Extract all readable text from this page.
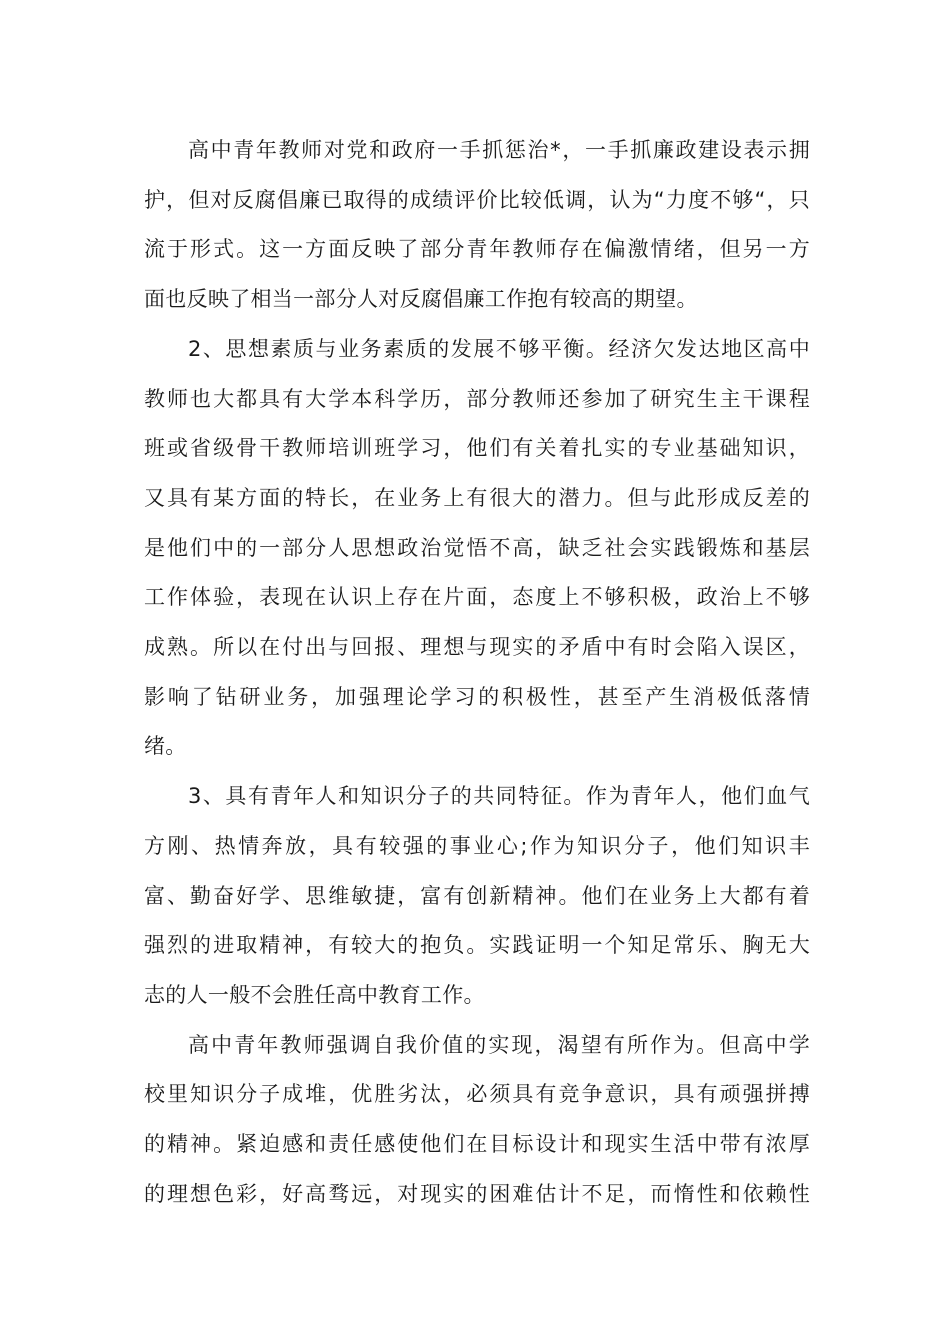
高中青年教师对党和政府一手抓惩治*，一手抓廉政建设表示拥
护，但对反腐倡廉已取得的成绩评价比较低调，认为“力度不够“，只
流于形式。这一方面反映了部分青年教师存在偏激情绪，但另一方
面也反映了相当一部分人对反腐倡廉工作抱有较高的期望。
2、思想素质与业务素质的发展不够平衡。经济欠发达地区高中
教师也大都具有大学本科学历，部分教师还参加了研究生主干课程
班或省级骨干教师培训班学习，他们有关着扎实的专业基础知识，
又具有某方面的特长，在业务上有很大的潜力。但与此形成反差的
是他们中的一部分人思想政治觉悟不高，缺乏社会实践锻炼和基层
工作体验，表现在认识上存在片面，态度上不够积极，政治上不够
成熟。所以在付出与回报、理想与现实的矛盾中有时会陷入误区，
影响了钻研业务，加强理论学习的积极性，甚至产生消极低落情
绪。
3、具有青年人和知识分子的共同特征。作为青年人，他们血气
方刚、热情奔放，具有较强的事业心;作为知识分子，他们知识丰
富、勤奋好学、思维敏捷，富有创新精神。他们在业务上大都有着
强烈的进取精神，有较大的抱负。实践证明一个知足常乐、胸无大
志的人一般不会胜任高中教育工作。
高中青年教师强调自我价值的实现，渴望有所作为。但高中学
校里知识分子成堆，优胜劣汰，必须具有竞争意识，具有顽强拼搏
的精神。紧迫感和责任感使他们在目标设计和现实生活中带有浓厚
的理想色彩，好高骛远，对现实的困难估计不足，而惰性和依赖性
